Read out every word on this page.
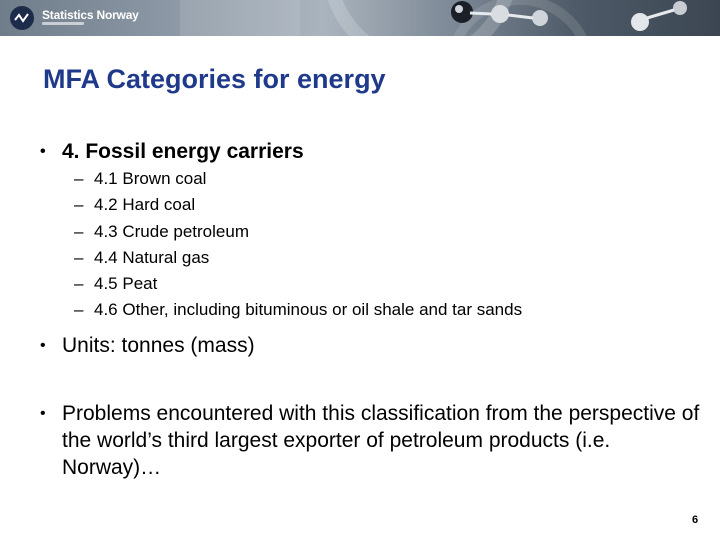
Statistics Norway
MFA Categories for energy
• 4. Fossil energy carriers
– 4.1 Brown coal
– 4.2 Hard coal
– 4.3 Crude petroleum
– 4.4 Natural gas
– 4.5 Peat
– 4.6 Other, including bituminous or oil shale and tar sands
• Units: tonnes (mass)
• Problems encountered with this classification from the perspective of the world’s third largest exporter of petroleum products (i.e. Norway)…
6
